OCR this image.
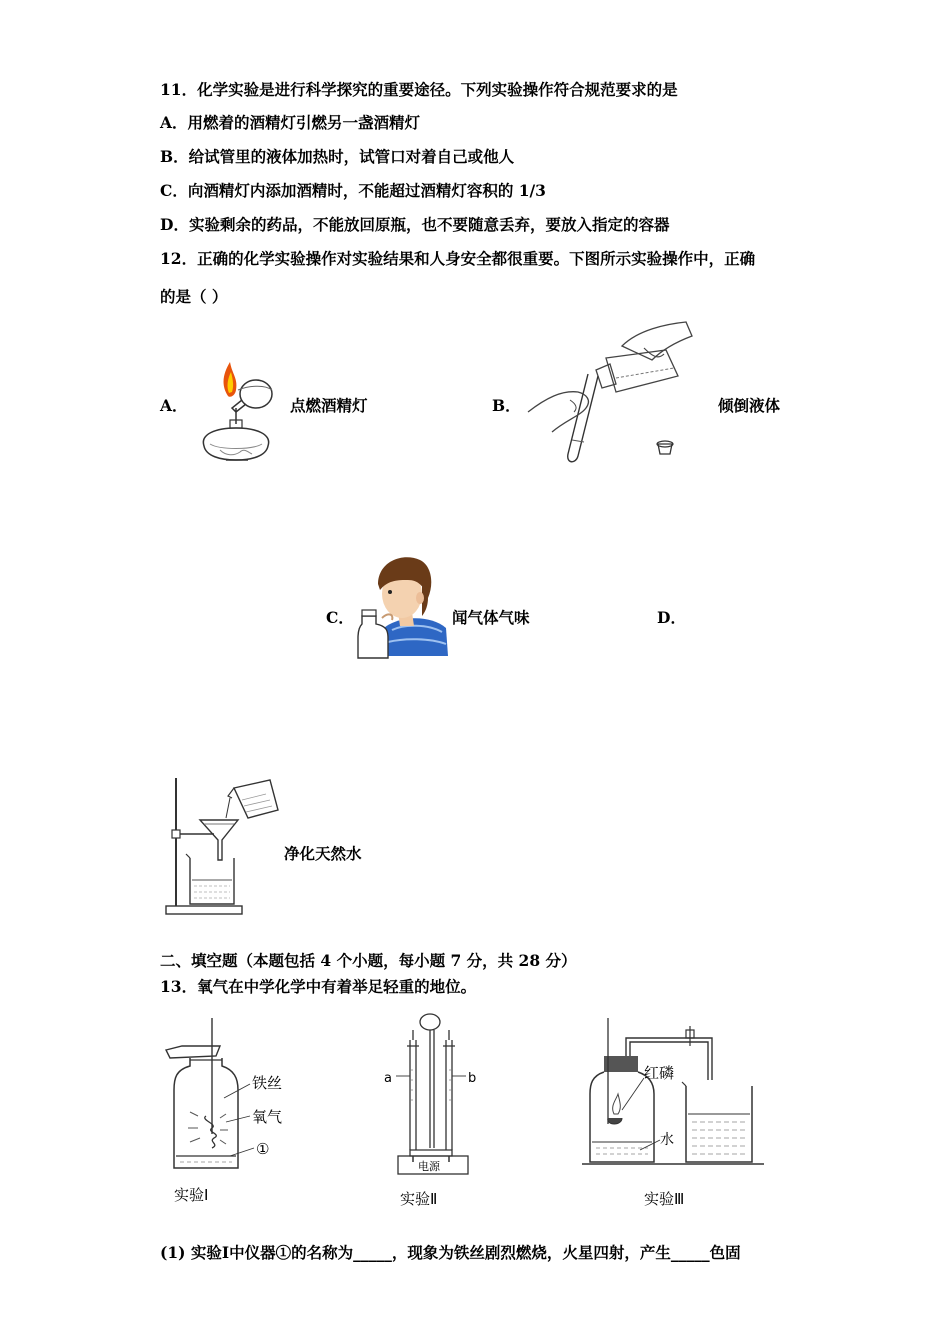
11．化学实验是进行科学探究的重要途径。下列实验操作符合规范要求的是
A．用燃着的酒精灯引燃另一盏酒精灯
B．给试管里的液体加热时，试管口对着自己或他人
C．向酒精灯内添加酒精时，不能超过酒精灯容积的 1/3
D．实验剩余的药品，不能放回原瓶，也不要随意丢弃，要放入指定的容器
12．正确的化学实验操作对实验结果和人身安全都很重要。下图所示实验操作中，正确
的是（ ）
A．	点燃酒精灯	B．	倾倒液体
C．	闻气体气味	D．
净化天然水
二、填空题（本题包括 4 个小题，每小题 7 分，共 28 分）
13．氧气在中学化学中有着举足轻重的地位。
铁丝
氧气
①
实验Ⅰ
a	b
电源
实验Ⅱ
红磷
水
实验Ⅲ
(1) 实验Ⅰ中仪器①的名称为_____，现象为铁丝剧烈燃烧，火星四射，产生_____色固
